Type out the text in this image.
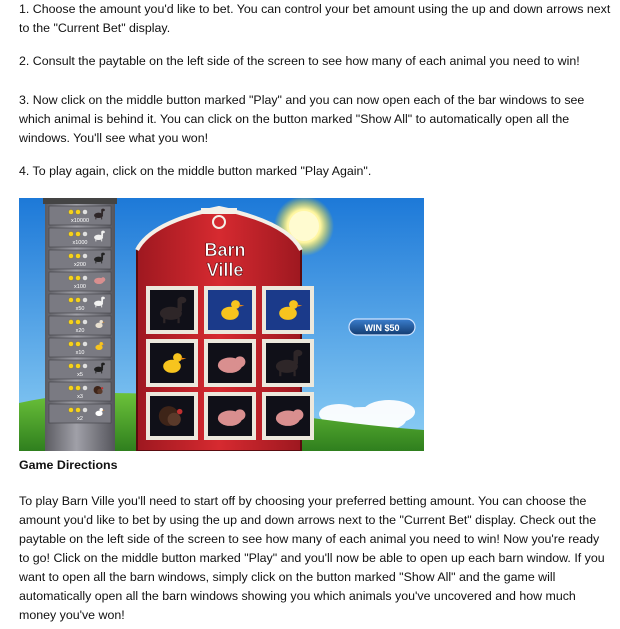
1. Choose the amount you'd like to bet. You can control your bet amount using the up and down arrows next to the "Current Bet" display.

2. Consult the paytable on the left side of the screen to see how many of each animal you need to win!

3. Now click on the middle button marked "Play" and you can now open each of the bar windows to see which animal is behind it. You can click on the button marked "Show All" to automatically open all the windows. You'll see what you won!

4. To play again, click on the middle button marked "Play Again".

x10000
x1000
x200
x100
x50
x20
x10
x5
x3
x2
Barn
Ville
WIN $50
Game Directions

To play Barn Ville you'll need to start off by choosing your preferred betting amount. You can choose the amount you'd like to bet by using the up and down arrows next to the "Current Bet" display. Check out the paytable on the left side of the screen to see how many of each animal you need to win! Now you're ready to go! Click on the middle button marked "Play" and you'll now be able to open up each barn window. If you want to open all the barn windows, simply click on the button marked "Show All" and the game will automatically open all the barn windows showing you which animals you've uncovered and how much money you've won!
